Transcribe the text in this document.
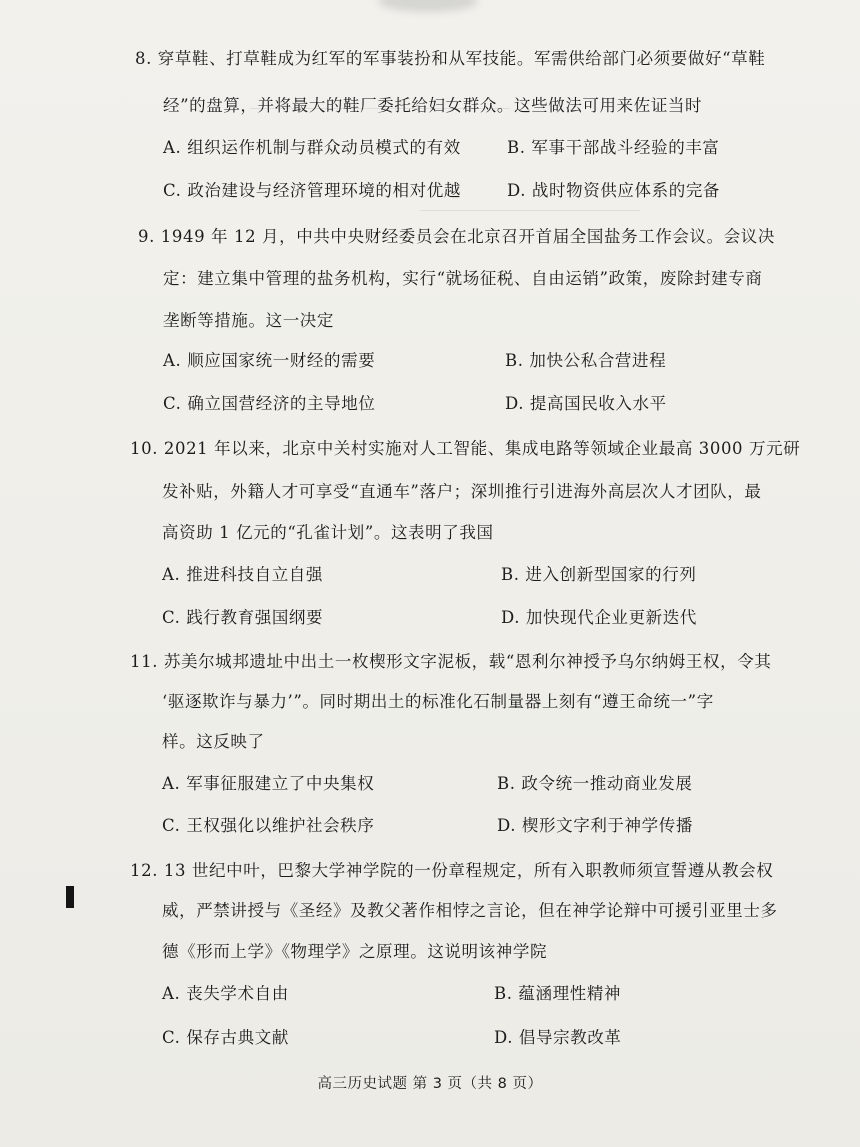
8. 穿草鞋、打草鞋成为红军的军事装扮和从军技能。军需供给部门必须要做好“草鞋
经”的盘算，并将最大的鞋厂委托给妇女群众。这些做法可用来佐证当时
A. 组织运作机制与群众动员模式的有效	B. 军事干部战斗经验的丰富
C. 政治建设与经济管理环境的相对优越	D. 战时物资供应体系的完备
9. 1949 年 12 月，中共中央财经委员会在北京召开首届全国盐务工作会议。会议决
定：建立集中管理的盐务机构，实行“就场征税、自由运销”政策，废除封建专商
垄断等措施。这一决定
A. 顺应国家统一财经的需要	B. 加快公私合营进程
C. 确立国营经济的主导地位	D. 提高国民收入水平
10. 2021 年以来，北京中关村实施对人工智能、集成电路等领域企业最高 3000 万元研
发补贴，外籍人才可享受“直通车”落户；深圳推行引进海外高层次人才团队，最
高资助 1 亿元的“孔雀计划”。这表明了我国
A. 推进科技自立自强	B. 进入创新型国家的行列
C. 践行教育强国纲要	D. 加快现代企业更新迭代
11. 苏美尔城邦遗址中出土一枚楔形文字泥板，载“恩利尔神授予乌尔纳姆王权，令其
‘驱逐欺诈与暴力’”。同时期出土的标准化石制量器上刻有“遵王命统一”字
样。这反映了
A. 军事征服建立了中央集权	B. 政令统一推动商业发展
C. 王权强化以维护社会秩序	D. 楔形文字利于神学传播
12. 13 世纪中叶，巴黎大学神学院的一份章程规定，所有入职教师须宣誓遵从教会权
威，严禁讲授与《圣经》及教父著作相悖之言论，但在神学论辩中可援引亚里士多
德《形而上学》《物理学》之原理。这说明该神学院
A. 丧失学术自由	B. 蕴涵理性精神
C. 保存古典文献	D. 倡导宗教改革
高三历史试题 第 3 页（共 8 页）
